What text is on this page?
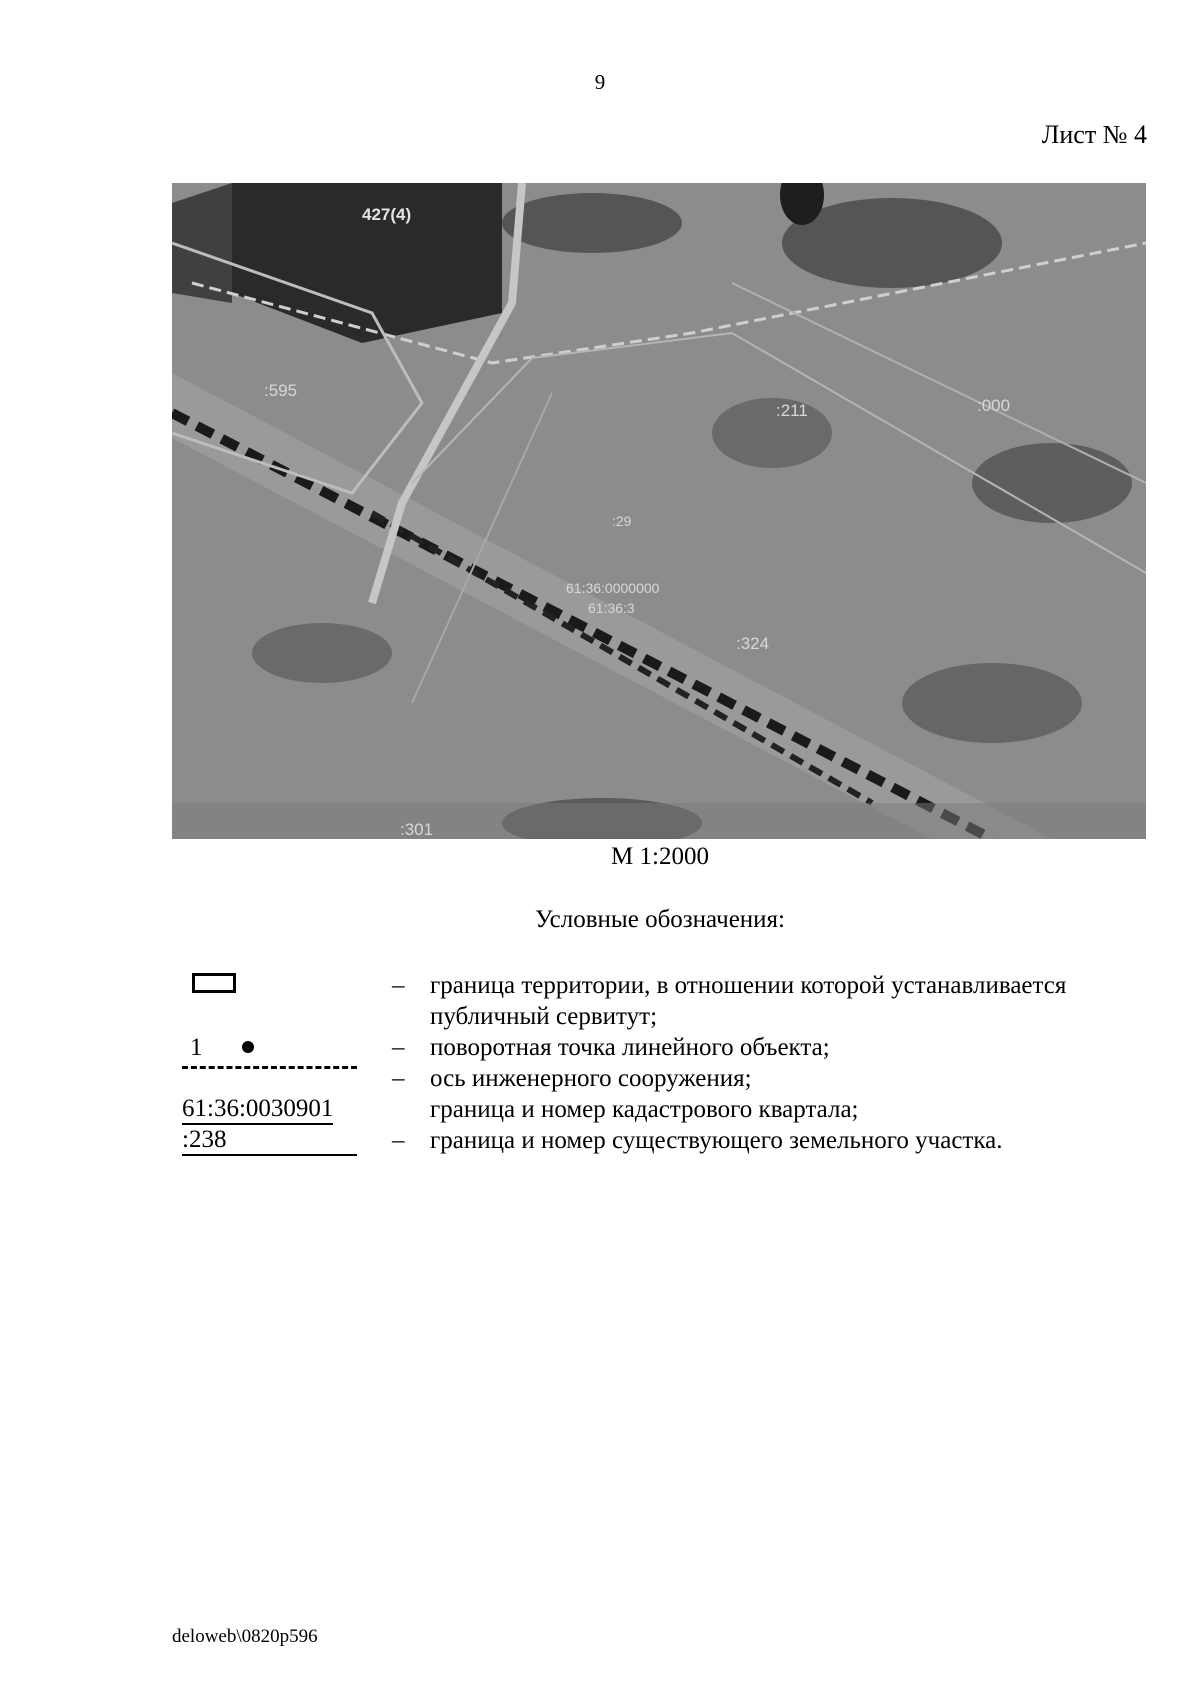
9
Лист № 4
:595
427(4)
:211	:000
:29
61:36:0000000
61:36:3
:324
:301
М 1:2000
Условные обозначения:
–	граница территории, в отношении которой устанавливается публичный сервитут;
1	–	поворотная точка линейного объекта;
–	ось инженерного сооружения;
61:36:0030901	граница и номер кадастрового квартала;
:238	–	граница и номер существующего земельного участка.
deloweb\0820p596
